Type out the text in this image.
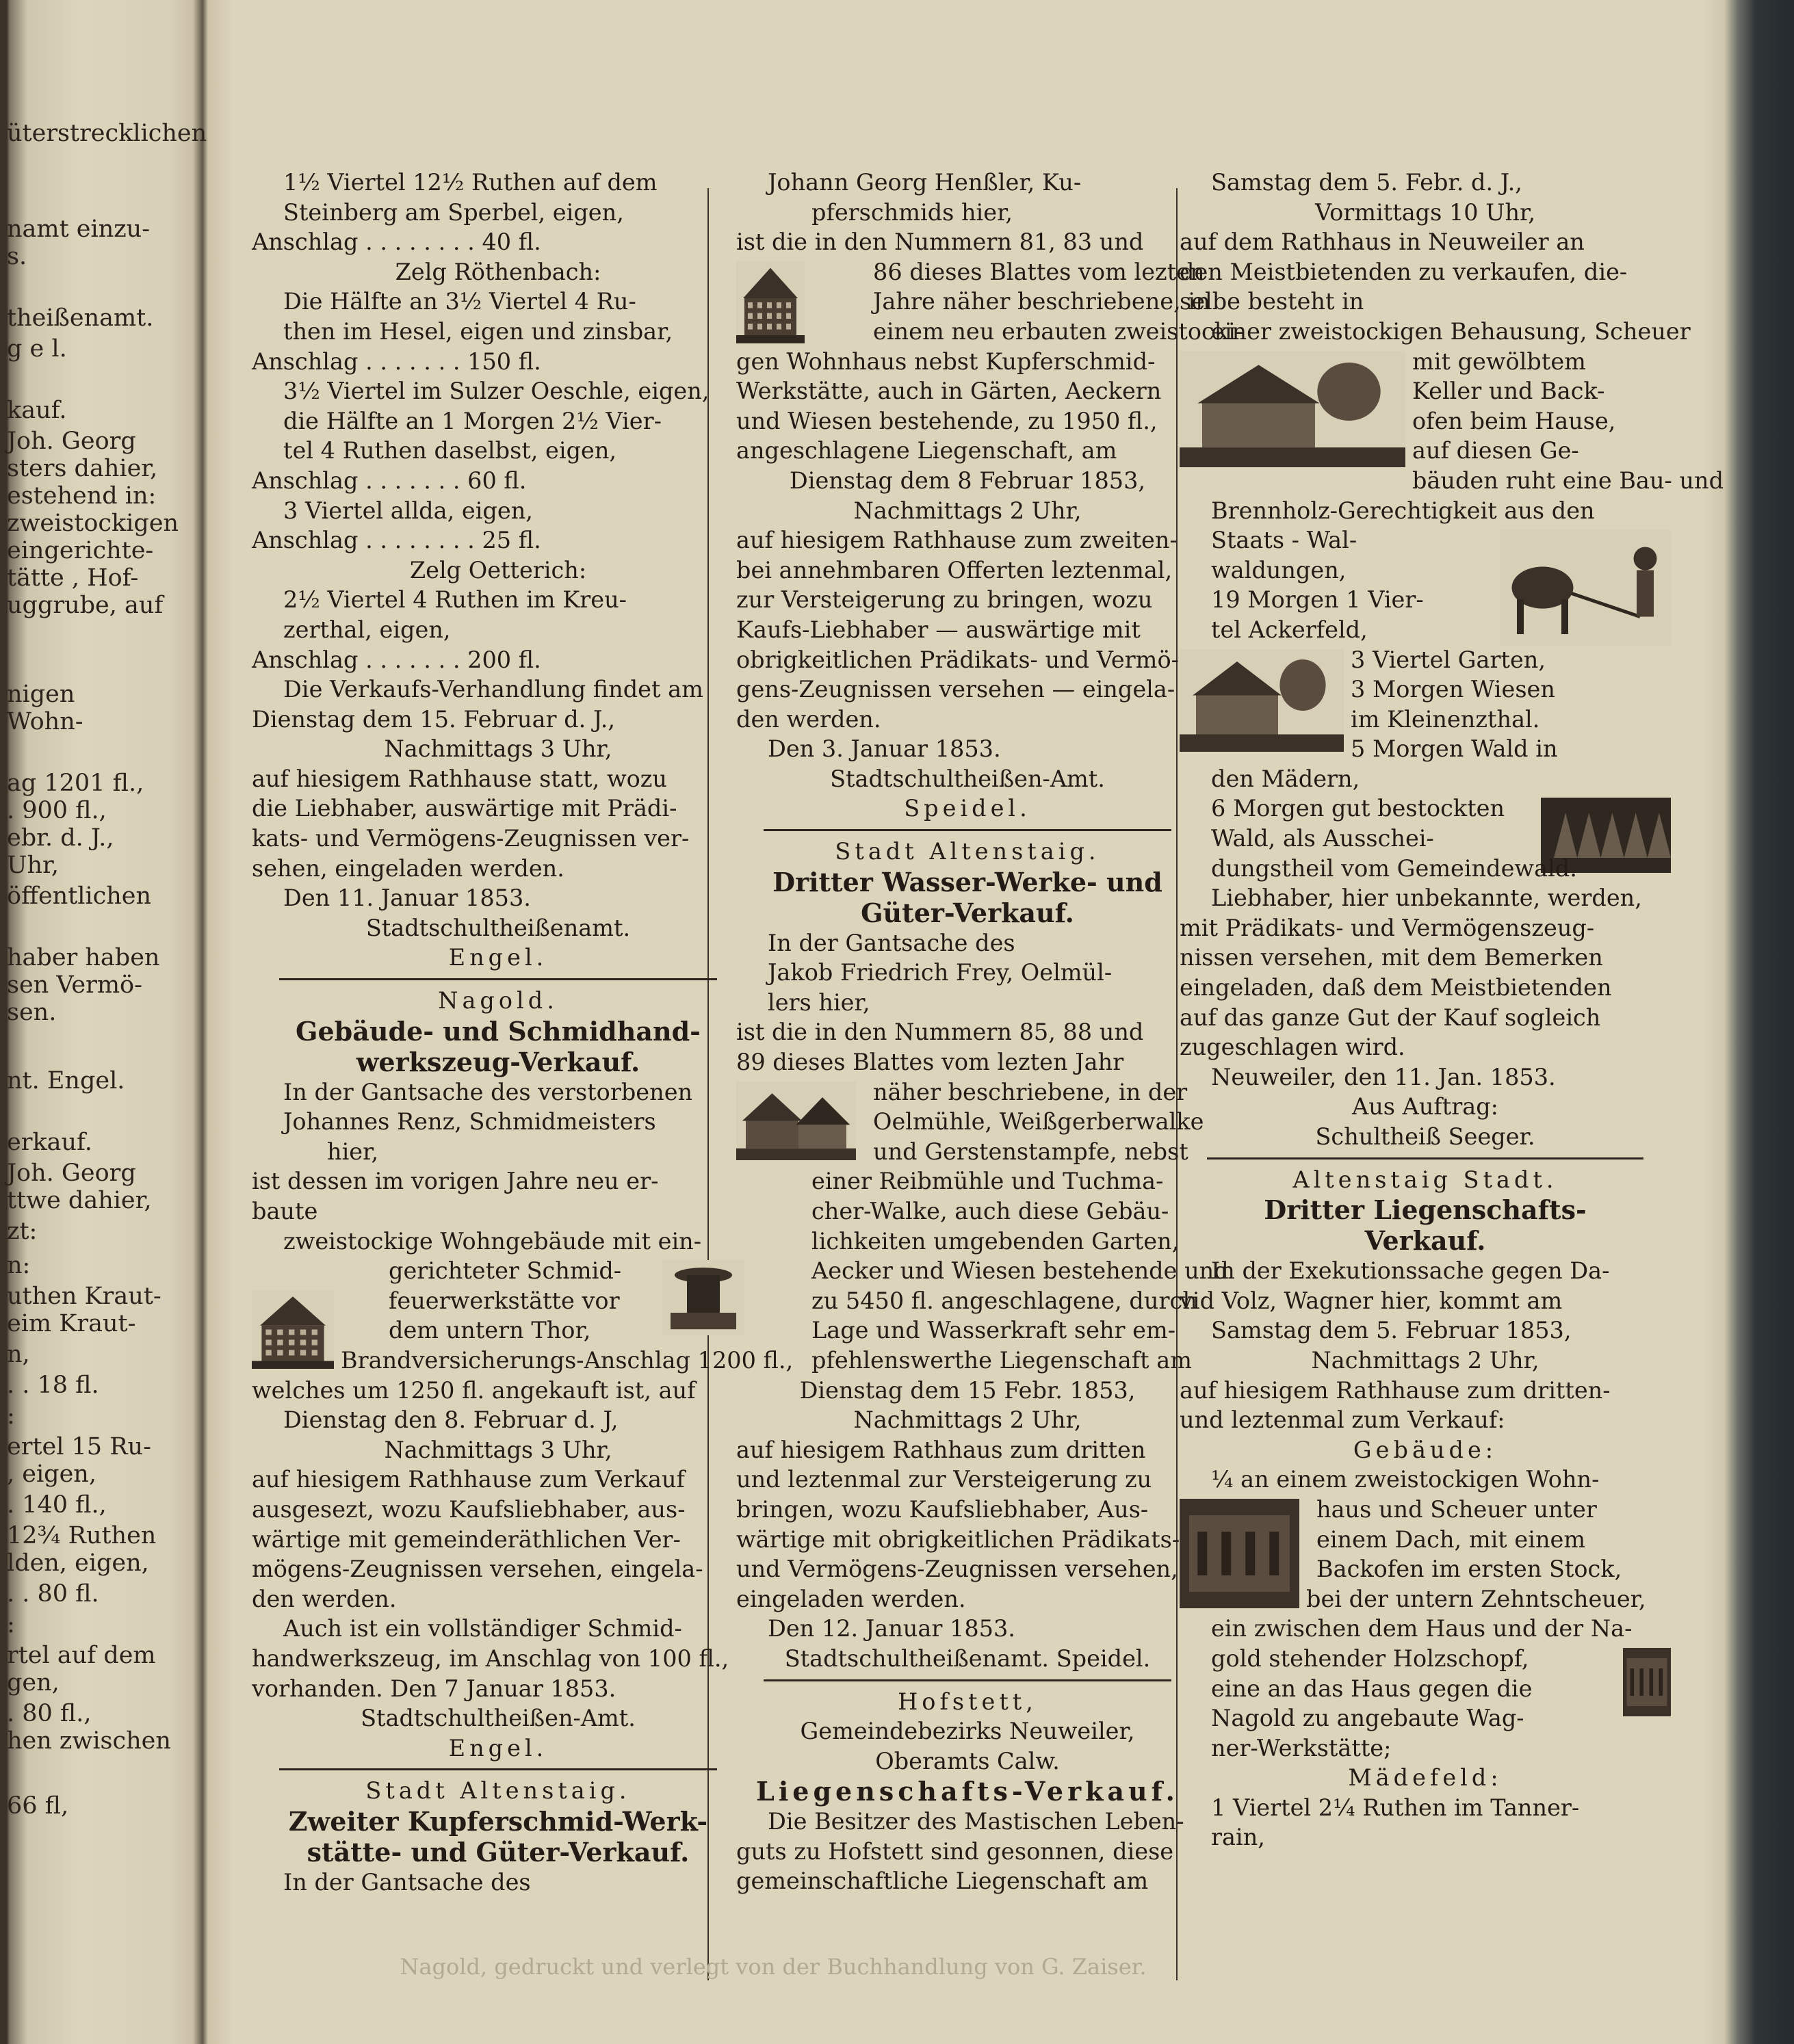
üterstrecklichen
namt einzu-
s.
theißenamt.
g e l.
kauf.
Joh. Georg
sters dahier,
estehend in:
zweistockigen
eingerichte-
tätte , Hof-
uggrube, auf
nigen
Wohn-
ag 1201 fl.,
. 900 fl.,
ebr. d. J.,
Uhr,
öffentlichen
haber haben
sen Vermö-
sen.
nt. Engel.
erkauf.
Joh. Georg
ttwe dahier,
zt:
n:
uthen Kraut-
eim Kraut-
n,
. . 18 fl.
:
ertel 15 Ru-
, eigen,
. 140 fl.,
12¾ Ruthen
lden, eigen,
. . 80 fl.
:
rtel auf dem
gen,
. 80 fl.,
hen zwischen
66 fl,
1½ Viertel 12½ Ruthen auf dem
Steinberg am Sperbel, eigen,
Anschlag . . . . . . . . 40 fl.
Zelg Röthenbach:
Die Hälfte an 3½ Viertel 4 Ru-
then im Hesel, eigen und zinsbar,
Anschlag . . . . . . . 150 fl.
3½ Viertel im Sulzer Oeschle, eigen,
die Hälfte an 1 Morgen 2½ Vier-
tel 4 Ruthen daselbst, eigen,
Anschlag . . . . . . . 60 fl.
3 Viertel allda, eigen,
Anschlag . . . . . . . . 25 fl.
Zelg Oetterich:
2½ Viertel 4 Ruthen im Kreu-
zerthal, eigen,
Anschlag . . . . . . . 200 fl.
Die Verkaufs-Verhandlung findet am
Dienstag dem 15. Februar d. J.,
Nachmittags 3 Uhr,
auf hiesigem Rathhause statt, wozu
die Liebhaber, auswärtige mit Prädi-
kats- und Vermögens-Zeugnissen ver-
sehen, eingeladen werden.
Den 11. Januar 1853.
Stadtschultheißenamt.
Engel.
Nagold.
Gebäude- und Schmidhand-
werkszeug-Verkauf.
In der Gantsache des verstorbenen
Johannes Renz, Schmidmeisters
hier,
ist dessen im vorigen Jahre neu er-
baute
zweistockige Wohngebäude mit ein-
gerichteter Schmid-
feuerwerkstätte vor
dem untern Thor,
Brandversicherungs-Anschlag 1200 fl.,
welches um 1250 fl. angekauft ist, auf
Dienstag den 8. Februar d. J,
Nachmittags 3 Uhr,
auf hiesigem Rathhause zum Verkauf
ausgesezt, wozu Kaufsliebhaber, aus-
wärtige mit gemeinderäthlichen Ver-
mögens-Zeugnissen versehen, eingela-
den werden.
Auch ist ein vollständiger Schmid-
handwerkszeug, im Anschlag von 100 fl.,
vorhanden. Den 7 Januar 1853.
Stadtschultheißen-Amt.
Engel.
Stadt Altenstaig.
Zweiter Kupferschmid-Werk-
stätte- und Güter-Verkauf.
In der Gantsache des
Johann Georg Henßler, Ku-
pferschmids hier,
ist die in den Nummern 81, 83 und
86 dieses Blattes vom lezten
Jahre näher beschriebene, in
einem neu erbauten zweistocki-
gen Wohnhaus nebst Kupferschmid-
Werkstätte, auch in Gärten, Aeckern
und Wiesen bestehende, zu 1950 fl.,
angeschlagene Liegenschaft, am
Dienstag dem 8 Februar 1853,
Nachmittags 2 Uhr,
auf hiesigem Rathhause zum zweiten-
bei annehmbaren Offerten leztenmal,
zur Versteigerung zu bringen, wozu
Kaufs-Liebhaber — auswärtige mit
obrigkeitlichen Prädikats- und Vermö-
gens-Zeugnissen versehen — eingela-
den werden.
Den 3. Januar 1853.
Stadtschultheißen-Amt.
Speidel.
Stadt Altenstaig.
Dritter Wasser-Werke- und
Güter-Verkauf.
In der Gantsache des
Jakob Friedrich Frey, Oelmül-
lers hier,
ist die in den Nummern 85, 88 und
89 dieses Blattes vom lezten Jahr
näher beschriebene, in der
Oelmühle, Weißgerberwalke
und Gerstenstampfe, nebst
einer Reibmühle und Tuchma-
cher-Walke, auch diese Gebäu-
lichkeiten umgebenden Garten,
Aecker und Wiesen bestehende und
zu 5450 fl. angeschlagene, durch
Lage und Wasserkraft sehr em-
pfehlenswerthe Liegenschaft am
Dienstag dem 15 Febr. 1853,
Nachmittags 2 Uhr,
auf hiesigem Rathhaus zum dritten
und leztenmal zur Versteigerung zu
bringen, wozu Kaufsliebhaber, Aus-
wärtige mit obrigkeitlichen Prädikats-
und Vermögens-Zeugnissen versehen,
eingeladen werden.
Den 12. Januar 1853.
Stadtschultheißenamt. Speidel.
Hofstett,
Gemeindebezirks Neuweiler,
Oberamts Calw.
Liegenschafts-Verkauf.
Die Besitzer des Mastischen Leben-
guts zu Hofstett sind gesonnen, diese
gemeinschaftliche Liegenschaft am
Samstag dem 5. Febr. d. J.,
Vormittags 10 Uhr,
auf dem Rathhaus in Neuweiler an
den Meistbietenden zu verkaufen, die-
selbe besteht in
einer zweistockigen Behausung, Scheuer
mit gewölbtem
Keller und Back-
ofen beim Hause,
auf diesen Ge-
bäuden ruht eine Bau- und
Brennholz-Gerechtigkeit aus den
Staats - Wal-
waldungen,
19 Morgen 1 Vier-
tel Ackerfeld,
3 Viertel Garten,
3 Morgen Wiesen
im Kleinenzthal.
5 Morgen Wald in
den Mädern,
6 Morgen gut bestockten
Wald, als Ausschei-
dungstheil vom Gemeindewald.
Liebhaber, hier unbekannte, werden,
mit Prädikats- und Vermögenszeug-
nissen versehen, mit dem Bemerken
eingeladen, daß dem Meistbietenden
auf das ganze Gut der Kauf sogleich
zugeschlagen wird.
Neuweiler, den 11. Jan. 1853.
Aus Auftrag:
Schultheiß Seeger.
Altenstaig Stadt.
Dritter Liegenschafts-
Verkauf.
In der Exekutionssache gegen Da-
vid Volz, Wagner hier, kommt am
Samstag dem 5. Februar 1853,
Nachmittags 2 Uhr,
auf hiesigem Rathhause zum dritten-
und leztenmal zum Verkauf:
Gebäude:
¼ an einem zweistockigen Wohn-
haus und Scheuer unter
einem Dach, mit einem
Backofen im ersten Stock,
bei der untern Zehntscheuer,
ein zwischen dem Haus und der Na-
gold stehender Holzschopf,
eine an das Haus gegen die
Nagold zu angebaute Wag-
ner-Werkstätte;
Mädefeld:
1 Viertel 2¼ Ruthen im Tanner-
rain,
Nagold, gedruckt und verlegt von der Buchhandlung von G. Zaiser.
